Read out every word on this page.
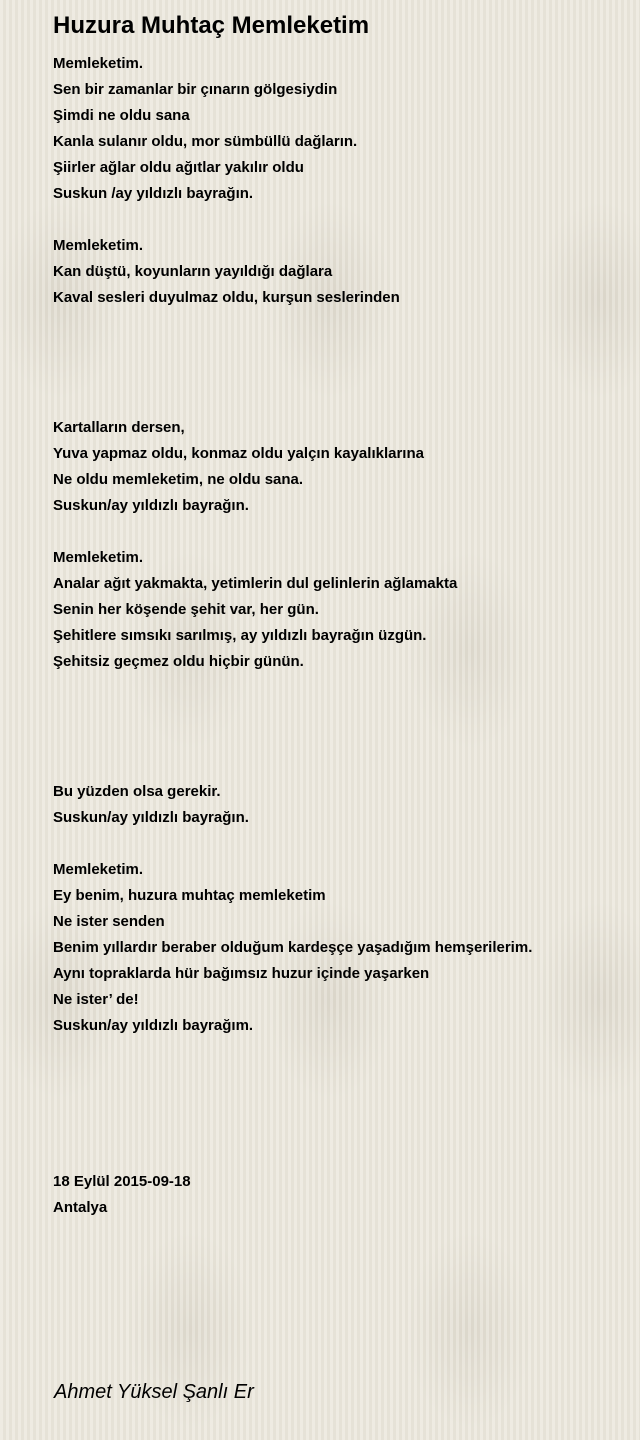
Huzura Muhtaç Memleketim
Memleketim.
Sen bir zamanlar bir çınarın gölgesiydin
Şimdi ne oldu sana
Kanla sulanır oldu, mor sümbüllü dağların.
Şiirler ağlar oldu ağıtlar yakılır oldu
Suskun /ay yıldızlı bayrağın.

Memleketim.
Kan düştü, koyunların yayıldığı dağlara
Kaval sesleri duyulmaz oldu, kurşun seslerinden

Kartalların dersen,
Yuva yapmaz oldu, konmaz oldu yalçın kayalıklarına
Ne oldu memleketim, ne oldu sana.
Suskun/ay yıldızlı bayrağın.

Memleketim.
Analar ağıt yakmakta, yetimlerin dul gelinlerin ağlamakta
Senin her köşende şehit var, her gün.
Şehitlere sımsıkı sarılmış, ay yıldızlı bayrağın üzgün.
Şehitsiz geçmez oldu hiçbir günün.

Bu yüzden olsa gerekir.
Suskun/ay yıldızlı bayrağın.

Memleketim.
Ey benim, huzura muhtaç memleketim
Ne ister senden
Benim yıllardır beraber olduğum kardeşçe yaşadığım hemşerilerim.
Aynı topraklarda hür bağımsız huzur içinde yaşarken
Ne ister’ de!
Suskun/ay yıldızlı bayrağım.

18 Eylül 2015-09-18
Antalya
Ahmet Yüksel Şanlı Er
